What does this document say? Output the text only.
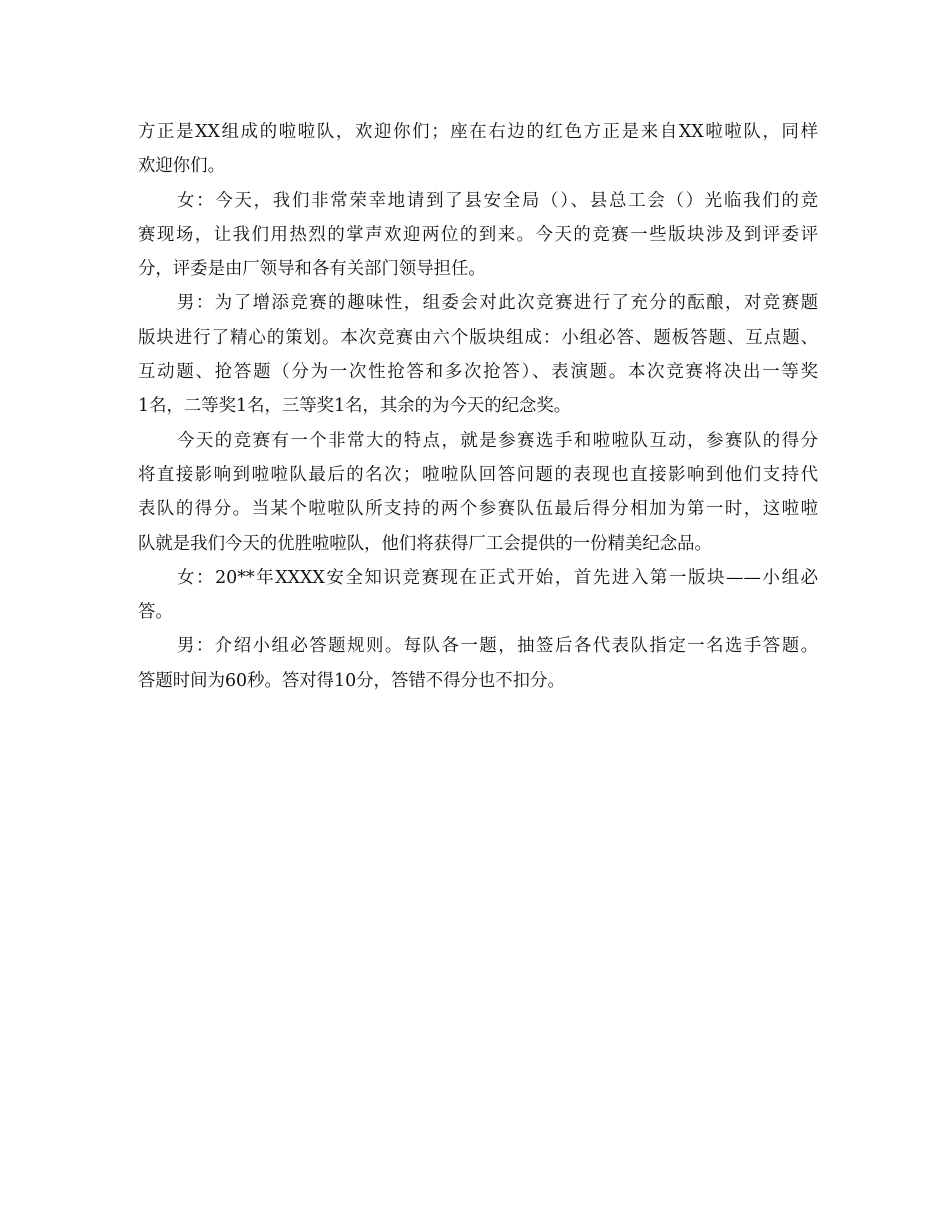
方正是XX组成的啦啦队，欢迎你们；座在右边的红色方正是来自XX啦啦队，同样
欢迎你们。
女：今天，我们非常荣幸地请到了县安全局（）、县总工会（）光临我们的竞
赛现场，让我们用热烈的掌声欢迎两位的到来。今天的竞赛一些版块涉及到评委评
分，评委是由厂领导和各有关部门领导担任。
男：为了增添竞赛的趣味性，组委会对此次竞赛进行了充分的酝酿，对竞赛题
版块进行了精心的策划。本次竞赛由六个版块组成：小组必答、题板答题、互点题、
互动题、抢答题（分为一次性抢答和多次抢答）、表演题。本次竞赛将决出一等奖
1名，二等奖1名，三等奖1名，其余的为今天的纪念奖。
今天的竞赛有一个非常大的特点，就是参赛选手和啦啦队互动，参赛队的得分
将直接影响到啦啦队最后的名次；啦啦队回答问题的表现也直接影响到他们支持代
表队的得分。当某个啦啦队所支持的两个参赛队伍最后得分相加为第一时，这啦啦
队就是我们今天的优胜啦啦队，他们将获得厂工会提供的一份精美纪念品。
女：20**年XXXX安全知识竞赛现在正式开始，首先进入第一版块——小组必
答。
男：介绍小组必答题规则。每队各一题，抽签后各代表队指定一名选手答题。
答题时间为60秒。答对得10分，答错不得分也不扣分。
